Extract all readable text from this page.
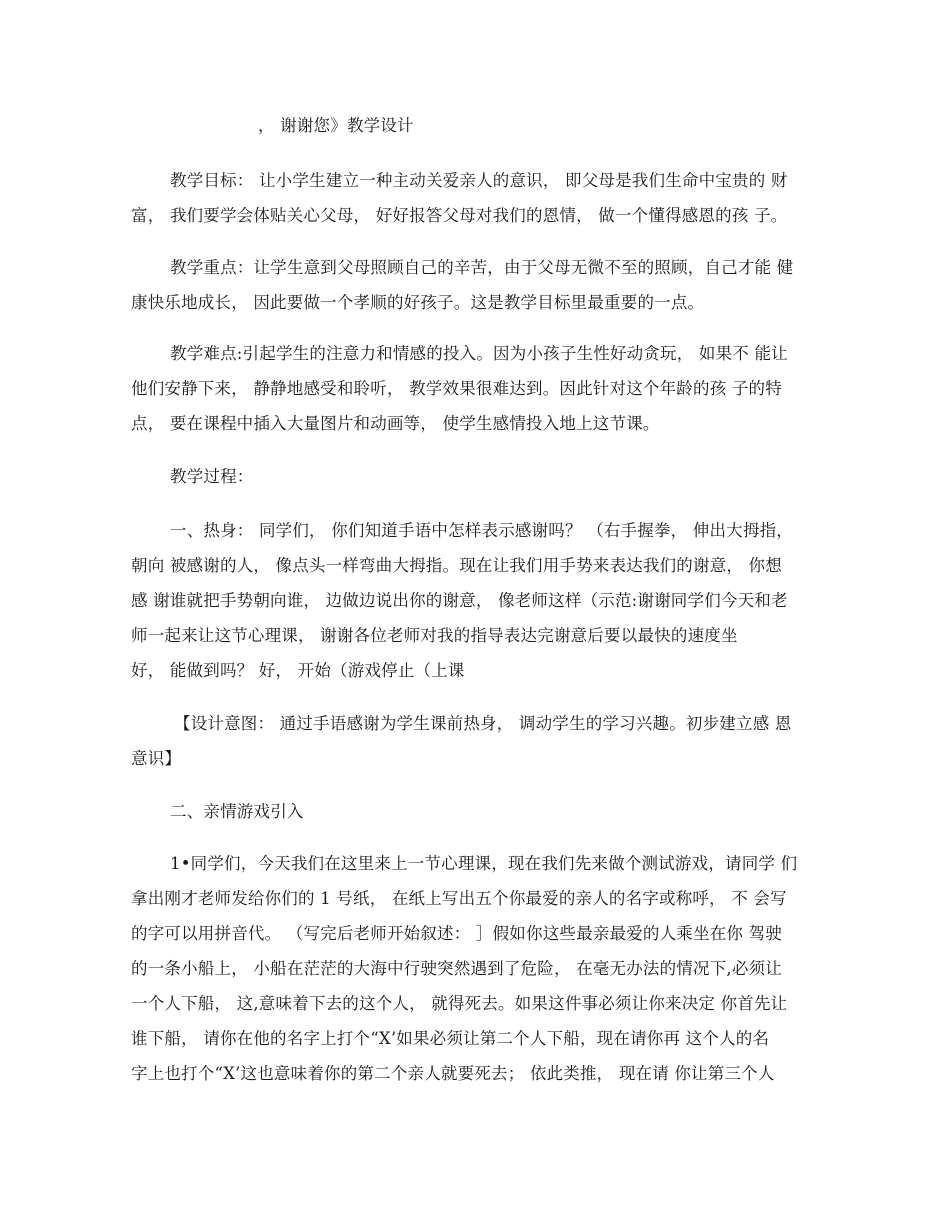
， 谢谢您》教学设计
教学目标： 让小学生建立一种主动关爱亲人的意识， 即父母是我们生命中宝贵的 财
富， 我们要学会体贴关心父母， 好好报答父母对我们的恩情， 做一个懂得感恩的孩 子。
教学重点：让学生意到父母照顾自己的辛苦，由于父母无微不至的照顾，自己才能 健
康快乐地成长， 因此要做一个孝顺的好孩子。这是教学目标里最重要的一点。
教学难点:引起学生的注意力和情感的投入。因为小孩子生性好动贪玩， 如果不 能让
他们安静下来， 静静地感受和聆听， 教学效果很难达到。因此针对这个年龄的孩 子的特
点， 要在课程中插入大量图片和动画等， 使学生感情投入地上这节课。
教学过程：
一、热身： 同学们， 你们知道手语中怎样表示感谢吗？ （右手握拳， 伸出大拇指，
朝向 被感谢的人， 像点头一样弯曲大拇指。现在让我们用手势来表达我们的谢意， 你想
感 谢谁就把手势朝向谁， 边做边说出你的谢意， 像老师这样（示范:谢谢同学们今天和老
师一起来让这节心理课， 谢谢各位老师对我的指导表达完谢意后要以最快的速度坐
好， 能做到吗？ 好， 开始（游戏停止（上课
【设计意图： 通过手语感谢为学生课前热身， 调动学生的学习兴趣。初步建立感 恩
意识】
二、亲情游戏引入
1•同学们，今天我们在这里来上一节心理课，现在我们先来做个测试游戏，请同学 们
拿出刚才老师发给你们的 1 号纸， 在纸上写出五个你最爱的亲人的名字或称呼， 不 会写
的字可以用拼音代。 （写完后老师开始叙述： ］假如你这些最亲最爱的人乘坐在你 驾驶
的一条小船上， 小船在茫茫的大海中行驶突然遇到了危险， 在毫无办法的情况下,必须让
一个人下船， 这,意味着下去的这个人， 就得死去。如果这件事必须让你来决定 你首先让
谁下船， 请你在他的名字上打个“X’如果必须让第二个人下船，现在请你再 这个人的名
字上也打个“X’这也意味着你的第二个亲人就要死去； 依此类推， 现在请 你让第三个人
